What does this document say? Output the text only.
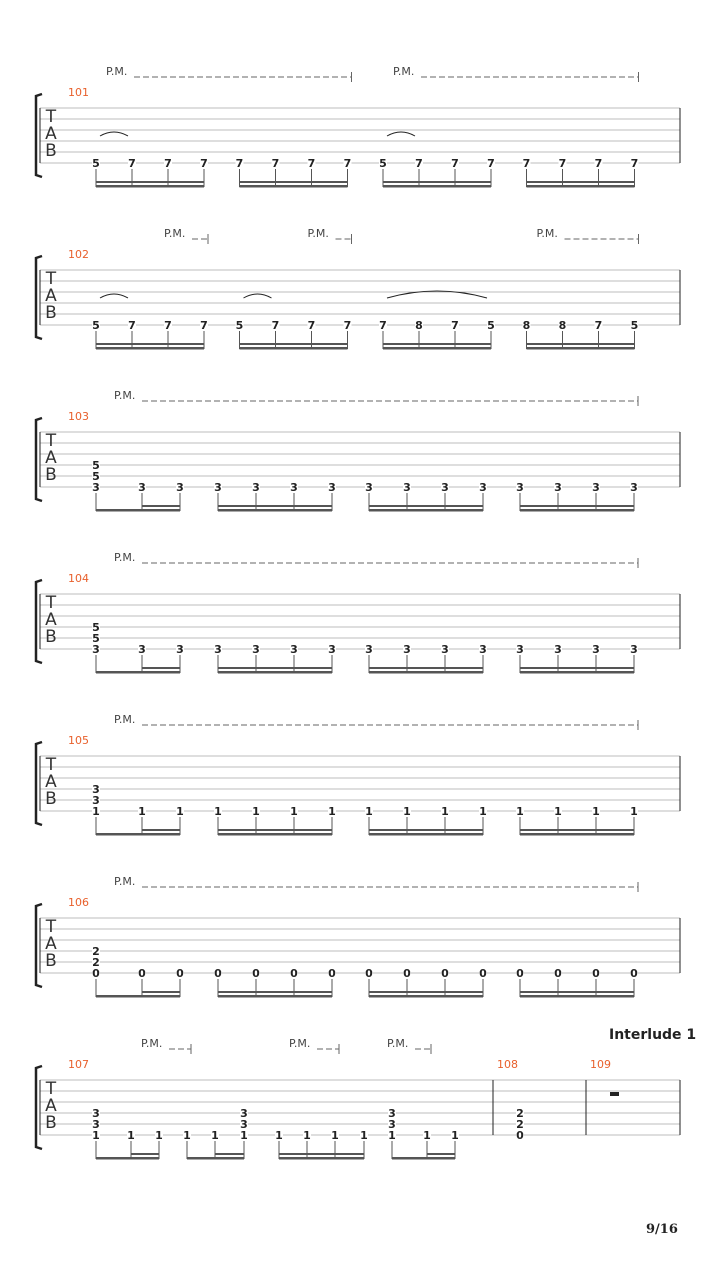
T
A
B
101
5	7	7	7	7	7	7	7	5	7	7	7	7	7	7	7
P.M.	P.M.
T
A
B
102
5	7	7	7	5	7	7	7	7	8	7	5	8	8	7	5
P.M.	P.M.	P.M.
T
A
B
103
5
5
3	3	3	3	3	3	3	3	3	3	3	3	3	3	3
P.M.
T
A
B
104
5
5
3	3	3	3	3	3	3	3	3	3	3	3	3	3	3
P.M.
T
A
B
105
3
3
1	1	1	1	1	1	1	1	1	1	1	1	1	1	1
P.M.
T
A
B
106
2
2
0	0	0	0	0	0	0	0	0	0	0	0	0	0	0
P.M.
T
A
B
107
3
3
1 1 1 1 1
3
3
1 1 1 1 1
3
3
1 1 1
P.M.	P.M.	P.M.
108	109
2
2
0
Interlude 1
9/16
